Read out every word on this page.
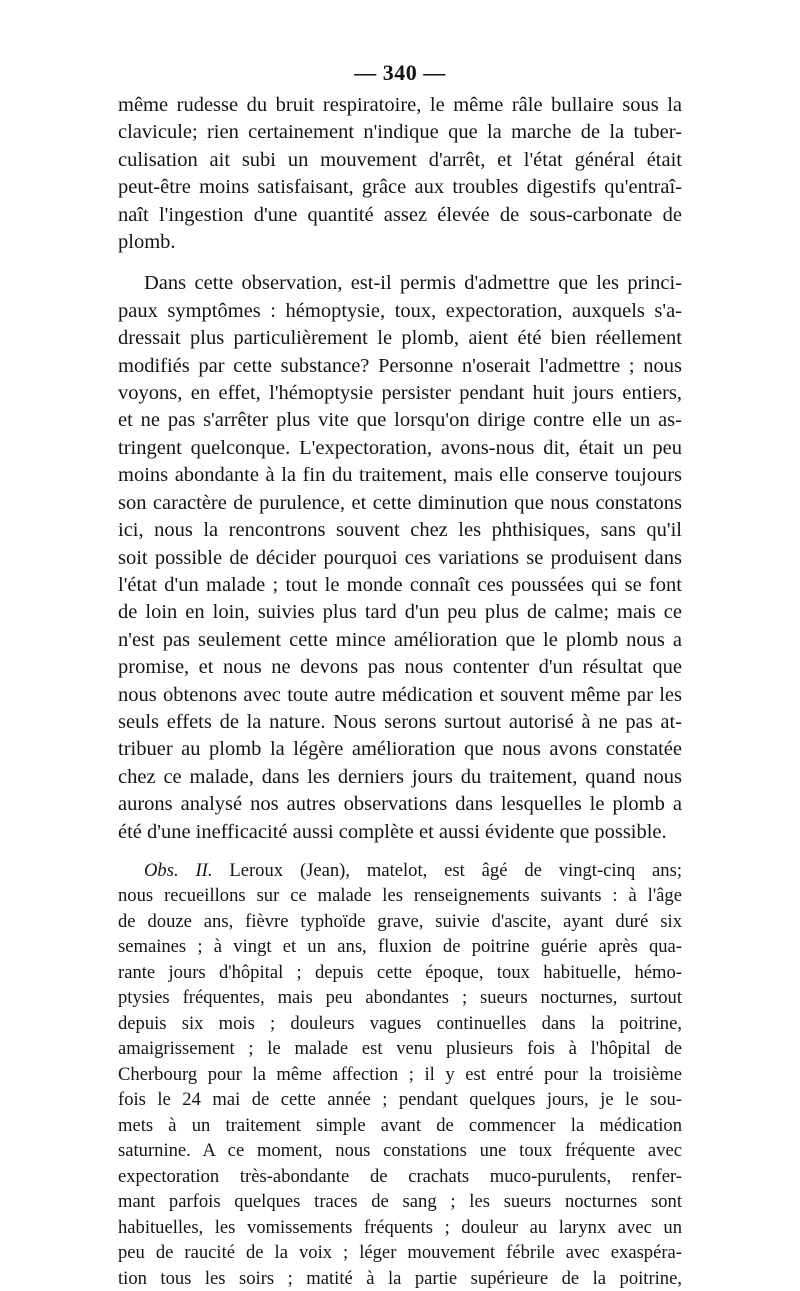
— 340 —

même rudesse du bruit respiratoire, le même râle bullaire sous la
clavicule; rien certainement n'indique que la marche de la tuber-
culisation ait subi un mouvement d'arrêt, et l'état général était
peut-être moins satisfaisant, grâce aux troubles digestifs qu'entraî-
naît l'ingestion d'une quantité assez élevée de sous-carbonate de
plomb.

Dans cette observation, est-il permis d'admettre que les princi-
paux symptômes : hémoptysie, toux, expectoration, auxquels s'a-
dressait plus particulièrement le plomb, aient été bien réellement
modifiés par cette substance? Personne n'oserait l'admettre ; nous
voyons, en effet, l'hémoptysie persister pendant huit jours entiers,
et ne pas s'arrêter plus vite que lorsqu'on dirige contre elle un as-
tringent quelconque. L'expectoration, avons-nous dit, était un peu
moins abondante à la fin du traitement, mais elle conserve toujours
son caractère de purulence, et cette diminution que nous constatons
ici, nous la rencontrons souvent chez les phthisiques, sans qu'il
soit possible de décider pourquoi ces variations se produisent dans
l'état d'un malade ; tout le monde connaît ces poussées qui se font
de loin en loin, suivies plus tard d'un peu plus de calme; mais ce
n'est pas seulement cette mince amélioration que le plomb nous a
promise, et nous ne devons pas nous contenter d'un résultat que
nous obtenons avec toute autre médication et souvent même par les
seuls effets de la nature. Nous serons surtout autorisé à ne pas at-
tribuer au plomb la légère amélioration que nous avons constatée
chez ce malade, dans les derniers jours du traitement, quand nous
aurons analysé nos autres observations dans lesquelles le plomb a
été d'une inefficacité aussi complète et aussi évidente que possible.

Obs. II. Leroux (Jean), matelot, est âgé de vingt-cinq ans;
nous recueillons sur ce malade les renseignements suivants : à l'âge
de douze ans, fièvre typhoïde grave, suivie d'ascite, ayant duré six
semaines ; à vingt et un ans, fluxion de poitrine guérie après qua-
rante jours d'hôpital ; depuis cette époque, toux habituelle, hémo-
ptysies fréquentes, mais peu abondantes ; sueurs nocturnes, surtout
depuis six mois ; douleurs vagues continuelles dans la poitrine,
amaigrissement ; le malade est venu plusieurs fois à l'hôpital de
Cherbourg pour la même affection ; il y est entré pour la troisième
fois le 24 mai de cette année ; pendant quelques jours, je le sou-
mets à un traitement simple avant de commencer la médication
saturnine. A ce moment, nous constations une toux fréquente avec
expectoration très-abondante de crachats muco-purulents, renfer-
mant parfois quelques traces de sang ; les sueurs nocturnes sont
habituelles, les vomissements fréquents ; douleur au larynx avec un
peu de raucité de la voix ; léger mouvement fébrile avec exaspéra-
tion tous les soirs ; matité à la partie supérieure de la poitrine,
